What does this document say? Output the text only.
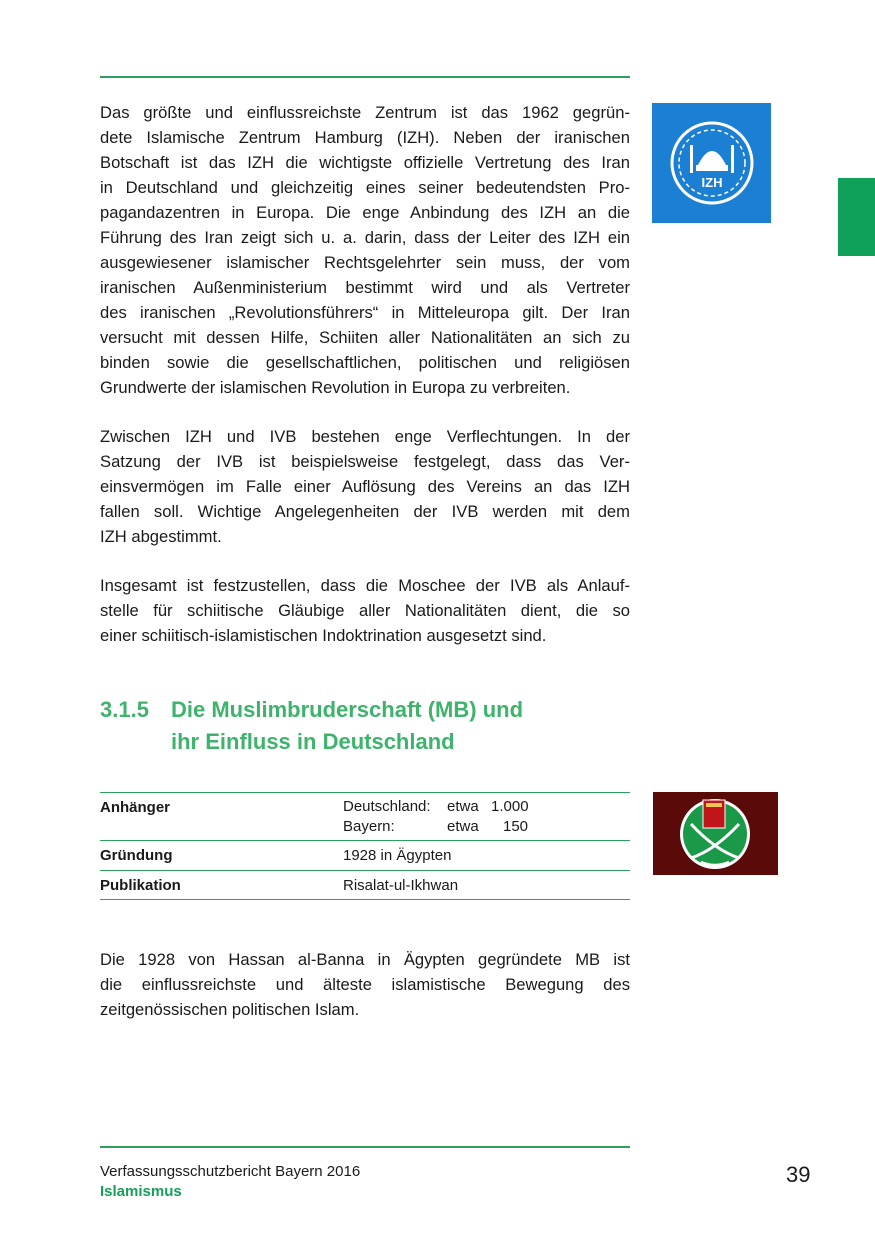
Das größte und einflussreichste Zentrum ist das 1962 gegrün-
dete Islamische Zentrum Hamburg (IZH). Neben der iranischen
Botschaft ist das IZH die wichtigste offizielle Vertretung des Iran
in Deutschland und gleichzeitig eines seiner bedeutendsten Pro-
pagandazentren in Europa. Die enge Anbindung des IZH an die
Führung des Iran zeigt sich u. a. darin, dass der Leiter des IZH ein
ausgewiesener islamischer Rechtsgelehrter sein muss, der vom
iranischen Außenministerium bestimmt wird und als Vertreter
des iranischen „Revolutionsführers“ in Mitteleuropa gilt. Der Iran
versucht mit dessen Hilfe, Schiiten aller Nationalitäten an sich zu
binden sowie die gesellschaftlichen, politischen und religiösen
Grundwerte der islamischen Revolution in Europa zu verbreiten.
IZH
Zwischen IZH und IVB bestehen enge Verflechtungen. In der
Satzung der IVB ist beispielsweise festgelegt, dass das Ver-
einsvermögen im Falle einer Auflösung des Vereins an das IZH
fallen soll. Wichtige Angelegenheiten der IVB werden mit dem
IZH abgestimmt.
Insgesamt ist festzustellen, dass die Moschee der IVB als Anlauf-
stelle für schiitische Gläubige aller Nationalitäten dient, die so
einer schiitisch-islamistischen Indoktrination ausgesetzt sind.
3.1.5 Die Muslimbruderschaft (MB) und
ihr Einfluss in Deutschland
Anhänger	Deutschland: etwa 1.000
Bayern:	etwa 150
Gründung	1928 in Ägypten
Publikation	Risalat-ul-Ikhwan
Die 1928 von Hassan al-Banna in Ägypten gegründete MB ist
die einflussreichste und älteste islamistische Bewegung des
zeitgenössischen politischen Islam.
Verfassungsschutzbericht Bayern 2016
Islamismus
39
